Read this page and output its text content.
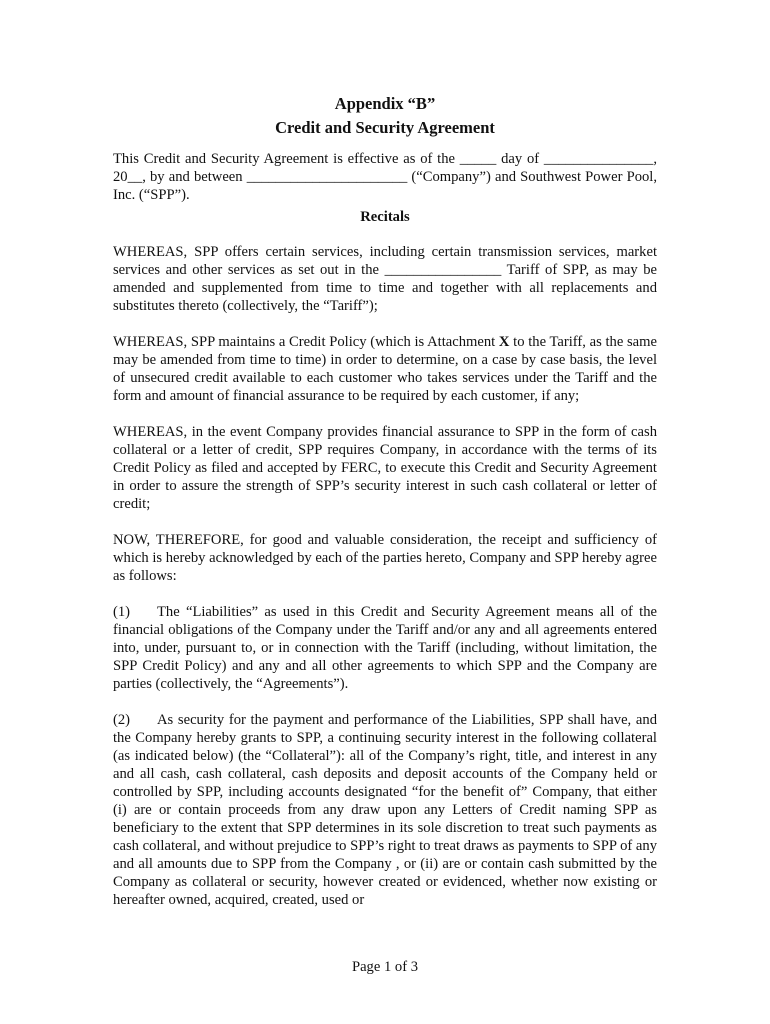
Appendix “B”
Credit and Security Agreement

This Credit and Security Agreement is effective as of the _____ day of _______________, 20__, by and between ______________________ (“Company”) and Southwest Power Pool, Inc. (“SPP”).

Recitals

WHEREAS, SPP offers certain services, including certain transmission services, market services and other services as set out in the ________________ Tariff of SPP, as may be amended and supplemented from time to time and together with all replacements and substitutes thereto (collectively, the “Tariff”);

WHEREAS, SPP maintains a Credit Policy (which is Attachment X to the Tariff, as the same may be amended from time to time) in order to determine, on a case by case basis, the level of unsecured credit available to each customer who takes services under the Tariff and the form and amount of financial assurance to be required by each customer, if any;

WHEREAS, in the event Company provides financial assurance to SPP in the form of cash collateral or a letter of credit, SPP requires Company, in accordance with the terms of its Credit Policy as filed and accepted by FERC, to execute this Credit and Security Agreement in order to assure the strength of SPP’s security interest in such cash collateral or letter of credit;

NOW, THEREFORE, for good and valuable consideration, the receipt and sufficiency of which is hereby acknowledged by each of the parties hereto, Company and SPP hereby agree as follows:

(1) The “Liabilities” as used in this Credit and Security Agreement means all of the financial obligations of the Company under the Tariff and/or any and all agreements entered into, under, pursuant to, or in connection with the Tariff (including, without limitation, the SPP Credit Policy) and any and all other agreements to which SPP and the Company are parties (collectively, the “Agreements”).

(2) As security for the payment and performance of the Liabilities, SPP shall have, and the Company hereby grants to SPP, a continuing security interest in the following collateral (as indicated below) (the “Collateral”): all of the Company’s right, title, and interest in any and all cash, cash collateral, cash deposits and deposit accounts of the Company held or controlled by SPP, including accounts designated “for the benefit of” Company, that either (i) are or contain proceeds from any draw upon any Letters of Credit naming SPP as beneficiary to the extent that SPP determines in its sole discretion to treat such payments as cash collateral, and without prejudice to SPP’s right to treat draws as payments to SPP of any and all amounts due to SPP from the Company , or (ii) are or contain cash submitted by the Company as collateral or security, however created or evidenced, whether now existing or hereafter owned, acquired, created, used or

Page 1 of 3
